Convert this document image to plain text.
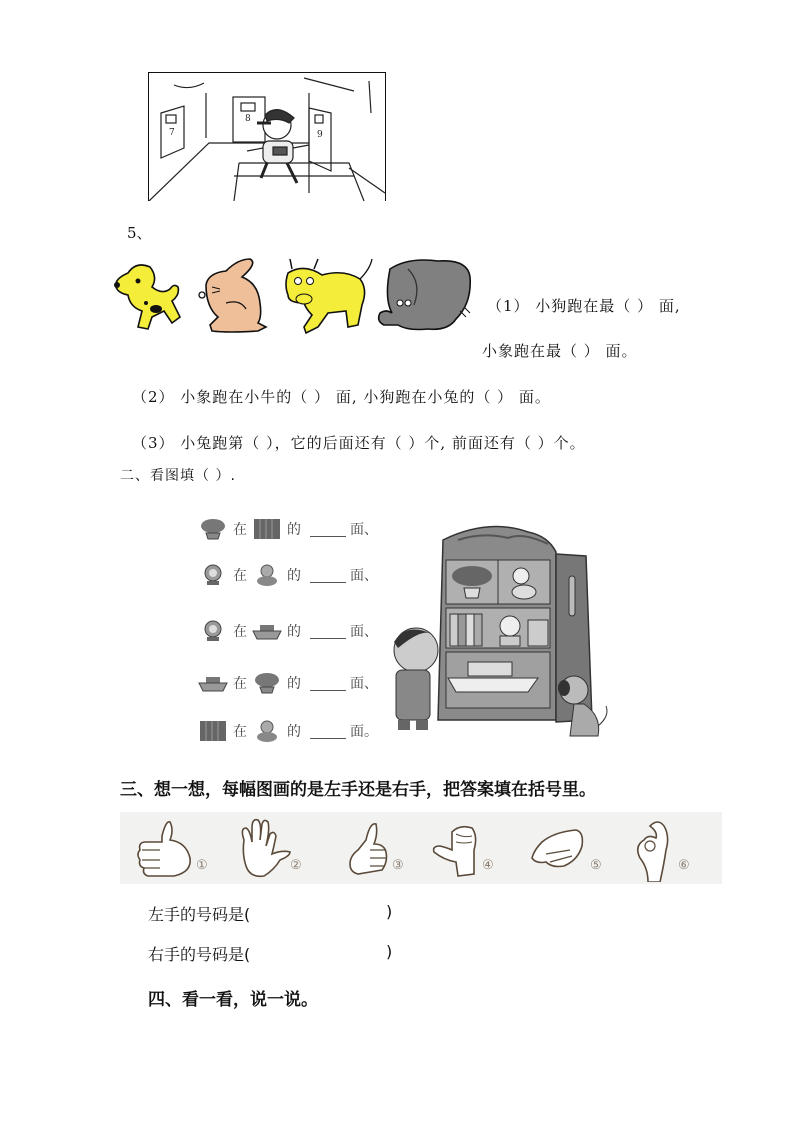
7
8
9
5、
（1） 小狗跑在最（ ） 面,
小象跑在最（ ） 面。
（2） 小象跑在小牛的（ ） 面, 小狗跑在小兔的（ ） 面。
（3） 小兔跑第（ ），它的后面还有（ ）个, 前面还有（ ）个。
二、看图填（ ）.
在	的	面、
在	的	面、
在	的	面、
在	的	面、
在	的	面。
三、想一想，每幅图画的是左手还是右手，把答案填在括号里。
①	②	③	④	⑤	⑥
左手的号码是(	)
右手的号码是(	)
四、看一看，说一说。
